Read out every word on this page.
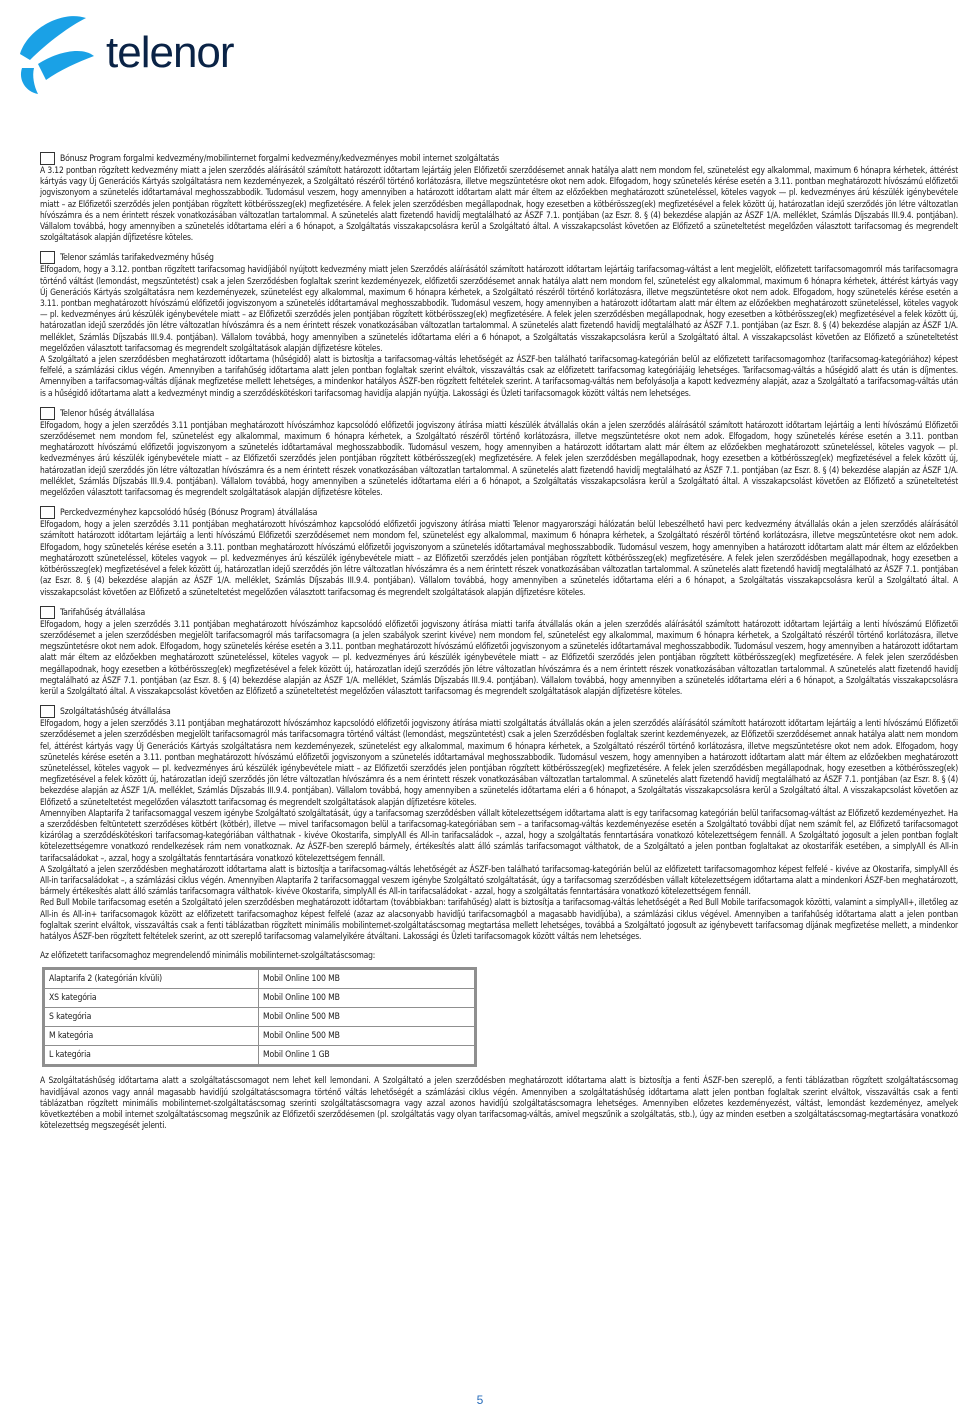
telenor
Bónusz Program forgalmi kedvezmény/mobilinternet forgalmi kedvezmény/kedvezményes mobil internet szolgáltatás

A 3.12 pontban rögzített kedvezmény miatt a jelen szerződés aláírásától számított határozott időtartam lejártáig jelen Előfizetői szerződésemet annak hatálya alatt nem mondom fel, szünetelést egy alkalommal, maximum 6 hónapra kérhetek, áttérést kártyás vagy Új Generációs Kártyás szolgáltatásra nem kezdeményezek, a Szolgáltató részéről történő korlátozásra, illetve megszüntetésre okot nem adok. Elfogadom, hogy szünetelés kérése esetén a 3.11. pontban meghatározott hívószámú előfizetői jogviszonyom a szünetelés időtartamával meghosszabbodik. Tudomásul veszem, hogy amennyiben a határozott időtartam alatt már éltem az előzőekben meghatározott szüneteléssel, köteles vagyok — pl. kedvezményes árú készülék igénybevétele miatt – az Előfizetői szerződés jelen pontjában rögzített kötbérösszeg(ek) megfizetésére. A felek jelen szerződésben megállapodnak, hogy ezesetben a kötbérösszeg(ek) megfizetésével a felek között új, határozatlan idejű szerződés jön létre változatlan hívószámra és a nem érintett részek vonatkozásában változatlan tartalommal. A szünetelés alatt fizetendő havidíj megtalálható az ÁSZF 7.1. pontjában (az Eszr. 8. § (4) bekezdése alapján az ÁSZF 1/A. melléklet, Számlás Díjszabás III.9.4. pontjában). Vállalom továbbá, hogy amennyiben a szünetelés időtartama eléri a 6 hónapot, a Szolgáltatás visszakapcsolásra kerül a Szolgáltató által. A visszakapcsolást követően az Előfizető a szüneteltetést megelőzően választott tarifacsomag és megrendelt szolgáltatások alapján díjfizetésre köteles.

Telenor számlás tarifakedvezmény hűség

Elfogadom, hogy a 3.12. pontban rögzített tarifacsomag havidíjából nyújtott kedvezmény miatt jelen Szerződés aláírásától számított határozott időtartam lejártáig tarifacsomag-váltást a lent megjelölt, előfizetett tarifacsomagomról más tarifacsomagra történő váltást (lemondást, megszüntetést) csak a jelen Szerződésben foglaltak szerint kezdeményezek, előfizetői szerződésemet annak hatálya alatt nem mondom fel, szünetelést egy alkalommal, maximum 6 hónapra kérhetek, áttérést kártyás vagy Új Generációs Kártyás szolgáltatásra nem kezdeményezek, szünetelést egy alkalommal, maximum 6 hónapra kérhetek, a Szolgáltató részéről történő korlátozásra, illetve megszüntetésre okot nem adok. Elfogadom, hogy szünetelés kérése esetén a 3.11. pontban meghatározott hívószámú előfizetői jogviszonyom a szünetelés időtartamával meghosszabbodik. Tudomásul veszem, hogy amennyiben a határozott időtartam alatt már éltem az előzőekben meghatározott szüneteléssel, köteles vagyok — pl. kedvezményes árú készülék igénybevétele miatt – az Előfizetői szerződés jelen pontjában rögzített kötbérösszeg(ek) megfizetésére. A felek jelen szerződésben megállapodnak, hogy ezesetben a kötbérösszeg(ek) megfizetésével a felek között új, határozatlan idejű szerződés jön létre változatlan hívószámra és a nem érintett részek vonatkozásában változatlan tartalommal. A szünetelés alatt fizetendő havidíj megtalálható az ÁSZF 7.1. pontjában (az Eszr. 8. § (4) bekezdése alapján az ÁSZF 1/A. melléklet, Számlás Díjszabás III.9.4. pontjában). Vállalom továbbá, hogy amennyiben a szünetelés időtartama eléri a 6 hónapot, a Szolgáltatás visszakapcsolásra kerül a Szolgáltató által. A visszakapcsolást követően az Előfizető a szüneteltetést megelőzően választott tarifacsomag és megrendelt szolgáltatások alapján díjfizetésre köteles.

A Szolgáltató a jelen szerződésben meghatározott időtartama (hűségidő) alatt is biztosítja a tarifacsomag-váltás lehetőségét az ÁSZF-ben található tarifacsomag-kategórián belül az előfizetett tarifacsomagomhoz (tarifacsomag-kategóriához) képest felfelé, a számlázási ciklus végén. Amennyiben a tarifahűség időtartama alatt jelen pontban foglaltak szerint elváltok, visszaváltás csak az előfizetett tarifacsomag kategóriájáig lehetséges. Tarifacsomag-váltás a hűségidő alatt és után is díjmentes. Amennyiben a tarifacsomag-váltás díjának megfizetése mellett lehetséges, a mindenkor hatályos ÁSZF-ben rögzített feltételek szerint. A tarifacsomag-váltás nem befolyásolja a kapott kedvezmény alapját, azaz a Szolgáltató a tarifacsomag-váltás után is a hűségidő időtartama alatt a kedvezményt mindig a szerződéskötéskori tarifacsomag havidíja alapján nyújtja. Lakossági és Üzleti tarifacsomagok között váltás nem lehetséges.

Telenor hűség átvállalása

Elfogadom, hogy a jelen szerződés 3.11 pontjában meghatározott hívószámhoz kapcsolódó előfizetői jogviszony átírása miatti készülék átvállalás okán a jelen szerződés aláírásától számított határozott időtartam lejártáig a lenti hívószámú Előfizetői szerződésemet nem mondom fel, szünetelést egy alkalommal, maximum 6 hónapra kérhetek, a Szolgáltató részéről történő korlátozásra, illetve megszüntetésre okot nem adok. Elfogadom, hogy szünetelés kérése esetén a 3.11. pontban meghatározott hívószámú előfizetői jogviszonyom a szünetelés időtartamával meghosszabbodik. Tudomásul veszem, hogy amennyiben a határozott időtartam alatt már éltem az előzőekben meghatározott szüneteléssel, köteles vagyok — pl. kedvezményes árú készülék igénybevétele miatt – az Előfizetői szerződés jelen pontjában rögzített kötbérösszeg(ek) megfizetésére. A felek jelen szerződésben megállapodnak, hogy ezesetben a kötbérösszeg(ek) megfizetésével a felek között új, határozatlan idejű szerződés jön létre változatlan hívószámra és a nem érintett részek vonatkozásában változatlan tartalommal. A szünetelés alatt fizetendő havidíj megtalálható az ÁSZF 7.1. pontjában (az Eszr. 8. § (4) bekezdése alapján az ÁSZF 1/A. melléklet, Számlás Díjszabás III.9.4. pontjában). Vállalom továbbá, hogy amennyiben a szünetelés időtartama eléri a 6 hónapot, a Szolgáltatás visszakapcsolásra kerül a Szolgáltató által. A visszakapcsolást követően az Előfizető a szüneteltetést megelőzően választott tarifacsomag és megrendelt szolgáltatások alapján díjfizetésre köteles.

Perckedvezményhez kapcsolódó hűség (Bónusz Program) átvállalása

Elfogadom, hogy a jelen szerződés 3.11 pontjában meghatározott hívószámhoz kapcsolódó előfizetői jogviszony átírása miatti Telenor magyarországi hálózatán belül lebeszélhető havi perc kedvezmény átvállalás okán a jelen szerződés aláírásától számított határozott időtartam lejártáig a lenti hívószámú Előfizetői szerződésemet nem mondom fel, szünetelést egy alkalommal, maximum 6 hónapra kérhetek, a Szolgáltató részéről történő korlátozásra, illetve megszüntetésre okot nem adok. Elfogadom, hogy szünetelés kérése esetén a 3.11. pontban meghatározott hívószámú előfizetői jogviszonyom a szünetelés időtartamával meghosszabbodik. Tudomásul veszem, hogy amennyiben a határozott időtartam alatt már éltem az előzőekben meghatározott szüneteléssel, köteles vagyok — pl. kedvezményes árú készülék igénybevétele miatt – az Előfizetői szerződés jelen pontjában rögzített kötbérösszeg(ek) megfizetésére. A felek jelen szerződésben megállapodnak, hogy ezesetben a kötbérösszeg(ek) megfizetésével a felek között új, határozatlan idejű szerződés jön létre változatlan hívószámra és a nem érintett részek vonatkozásában változatlan tartalommal. A szünetelés alatt fizetendő havidíj megtalálható az ÁSZF 7.1. pontjában (az Eszr. 8. § (4) bekezdése alapján az ÁSZF 1/A. melléklet, Számlás Díjszabás III.9.4. pontjában). Vállalom továbbá, hogy amennyiben a szünetelés időtartama eléri a 6 hónapot, a Szolgáltatás visszakapcsolásra kerül a Szolgáltató által. A visszakapcsolást követően az Előfizető a szüneteltetést megelőzően választott tarifacsomag és megrendelt szolgáltatások alapján díjfizetésre köteles.

Tarifahűség átvállalása

Elfogadom, hogy a jelen szerződés 3.11 pontjában meghatározott hívószámhoz kapcsolódó előfizetői jogviszony átírása miatti tarifa átvállalás okán a jelen szerződés aláírásától számított határozott időtartam lejártáig a lenti hívószámú Előfizetői szerződésemet a jelen szerződésben megjelölt tarifacsomagról más tarifacsomagra (a jelen szabályok szerint kivéve) nem mondom fel, szünetelést egy alkalommal, maximum 6 hónapra kérhetek, a Szolgáltató részéről történő korlátozásra, illetve megszüntetésre okot nem adok. Elfogadom, hogy szünetelés kérése esetén a 3.11. pontban meghatározott hívószámú előfizetői jogviszonyom a szünetelés időtartamával meghosszabbodik. Tudomásul veszem, hogy amennyiben a határozott időtartam alatt már éltem az előzőekben meghatározott szüneteléssel, köteles vagyok — pl. kedvezményes árú készülék igénybevétele miatt – az Előfizetői szerződés jelen pontjában rögzített kötbérösszeg(ek) megfizetésére. A felek jelen szerződésben megállapodnak, hogy ezesetben a kötbérösszeg(ek) megfizetésével a felek között új, határozatlan idejű szerződés jön létre változatlan hívószámra és a nem érintett részek vonatkozásában változatlan tartalommal. A szünetelés alatt fizetendő havidíj megtalálható az ÁSZF 7.1. pontjában (az Eszr. 8. § (4) bekezdése alapján az ÁSZF 1/A. melléklet, Számlás Díjszabás III.9.4. pontjában). Vállalom továbbá, hogy amennyiben a szünetelés időtartama eléri a 6 hónapot, a Szolgáltatás visszakapcsolásra kerül a Szolgáltató által. A visszakapcsolást követően az Előfizető a szüneteltetést megelőzően választott tarifacsomag és megrendelt szolgáltatások alapján díjfizetésre köteles.

Szolgáltatáshűség átvállalása

Elfogadom, hogy a jelen szerződés 3.11 pontjában meghatározott hívószámhoz kapcsolódó előfizetői jogviszony átírása miatti szolgáltatás átvállalás okán a jelen szerződés aláírásától számított határozott időtartam lejártáig a lenti hívószámú Előfizetői szerződésemet a jelen szerződésben megjelölt tarifacsomagról más tarifacsomagra történő váltást (lemondást, megszüntetést) csak a jelen Szerződésben foglaltak szerint kezdeményezek, az Előfizetői szerződésemet annak hatálya alatt nem mondom fel, áttérést kártyás vagy Új Generációs Kártyás szolgáltatásra nem kezdeményezek, szünetelést egy alkalommal, maximum 6 hónapra kérhetek, a Szolgáltató részéről történő korlátozásra, illetve megszüntetésre okot nem adok. Elfogadom, hogy szünetelés kérése esetén a 3.11. pontban meghatározott hívószámú előfizetői jogviszonyom a szünetelés időtartamával meghosszabbodik. Tudomásul veszem, hogy amennyiben a határozott időtartam alatt már éltem az előzőekben meghatározott szüneteléssel, köteles vagyok — pl. kedvezményes árú készülék igénybevétele miatt – az Előfizetői szerződés jelen pontjában rögzített kötbérösszeg(ek) megfizetésére. A felek jelen szerződésben megállapodnak, hogy ezesetben a kötbérösszeg(ek) megfizetésével a felek között új, határozatlan idejű szerződés jön létre változatlan hívószámra és a nem érintett részek vonatkozásában változatlan tartalommal. A szünetelés alatt fizetendő havidíj megtalálható az ÁSZF 7.1. pontjában (az Eszr. 8. § (4) bekezdése alapján az ÁSZF 1/A. melléklet, Számlás Díjszabás III.9.4. pontjában). Vállalom továbbá, hogy amennyiben a szünetelés időtartama eléri a 6 hónapot, a Szolgáltatás visszakapcsolásra kerül a Szolgáltató által. A visszakapcsolást követően az Előfizető a szüneteltetést megelőzően választott tarifacsomag és megrendelt szolgáltatások alapján díjfizetésre köteles.

Amennyiben Alaptarifa 2 tarifacsomaggal veszem igénybe Szolgáltató szolgáltatását, úgy a tarifacsomag szerződésben vállalt kötelezettségem időtartama alatt is egy tarifacsomag kategórián belül tarifacsomag-váltást az Előfizető kezdeményezhet. Ha a szerződésben feltüntetett szerződéses kötbért (kötbér), illetve — mivel tarifacsomagon belül a tarifacsomag-kategóriában sem – a tarifacsomag-váltás kezdeményezése esetén a Szolgáltató további díjat nem számít fel, az Előfizető tarifacsomagot kizárólag a szerződéskötéskori tarifacsomag-kategóriában válthatnak - kivéve Okostarifa, simplyAll és All-in tarifacsaládok –, azzal, hogy a szolgáltatás fenntartására vonatkozó kötelezettségem fennáll. A Szolgáltató jogosult a jelen pontban foglalt kötelezettségemre vonatkozó rendelkezések rám nem vonatkoznak. Az ÁSZF-ben szereplő bármely, értékesítés alatt álló számlás tarifacsomagot válthatok, de a Szolgáltató a jelen pontban foglaltakat az okostarifák esetében, a simplyAll és All-in tarifacsaládokat –, azzal, hogy a szolgáltatás fenntartására vonatkozó kötelezettségem fennáll.

A Szolgáltató a jelen szerződésben meghatározott időtartama alatt is biztosítja a tarifacsomag-váltás lehetőségét az ÁSZF-ben található tarifacsomag-kategórián belül az előfizetett tarifacsomagomhoz képest felfelé - kivéve az Okostarifa, simplyAll és All-in tarifacsaládokat –, a számlázási ciklus végén. Amennyiben Alaptarifa 2 tarifacsomaggal veszem igénybe Szolgáltató szolgáltatását, úgy a tarifacsomag szerződésben vállalt kötelezettségem időtartama alatt a mindenkori ÁSZF-ben meghatározott, bármely értékesítés alatt álló számlás tarifacsomagra válthatok- kivéve Okostarifa, simplyAll és All-in tarifacsaládokat - azzal, hogy a szolgáltatás fenntartására vonatkozó kötelezettségem fennáll.

Red Bull Mobile tarifacsomag esetén a Szolgáltató jelen szerződésben meghatározott időtartam (továbbiakban: tarifahűség) alatt is biztosítja a tarifacsomag-váltás lehetőségét a Red Bull Mobile tarifacsomagok közötti, valamint a simplyAll+, illetőleg az All-in és All-in+ tarifacsomagok között az előfizetett tarifacsomaghoz képest felfelé (azaz az alacsonyabb havidíjú tarifacsomagból a magasabb havidíjúba), a számlázási ciklus végével. Amennyiben a tarifahűség időtartama alatt a jelen pontban foglaltak szerint elváltok, visszaváltás csak a fenti táblázatban rögzített minimális mobilinternet-szolgáltatáscsomag megtartása mellett lehetséges, továbbá a Szolgáltató jogosult az igénybevett tarifacsomag díjának megfizetése mellett, a mindenkor hatályos ÁSZF-ben rögzített feltételek szerint, az ott szereplő tarifacsomag valamelyikére átváltani. Lakossági és Üzleti tarifacsomagok között váltás nem lehetséges.

Az előfizetett tarifacsomaghoz megrendelendő minimális mobilinternet-szolgáltatáscsomag:

Alaptarifa 2 (kategórián kívüli)	Mobil Online 100 MB
XS kategória	Mobil Online 100 MB
S kategória	Mobil Online 500 MB
M kategória	Mobil Online 500 MB
L kategória	Mobil Online 1 GB

A Szolgáltatáshűség időtartama alatt a szolgáltatáscsomagot nem lehet kell lemondani. A Szolgáltató a jelen szerződésben meghatározott időtartama alatt is biztosítja a fenti ÁSZF-ben szereplő, a fenti táblázatban rögzített szolgáltatáscsomag havidíjával azonos vagy annál magasabb havidíjú szolgáltatáscsomagra történő váltás lehetőségét a számlázási ciklus végén. Amennyiben a szolgáltatáshűség időtartama alatt jelen pontban foglaltak szerint elváltok, visszaváltás csak a fenti táblázatban rögzített minimális mobilinternet-szolgáltatáscsomag szerinti szolgáltatáscsomagra vagy azzal azonos havidíjú szolgáltatáscsomagra lehetséges. Amennyiben előzetes kezdeményezést, váltást, lemondást kezdeményez, amelyek következtében a mobil internet szolgáltatáscsomag megszűnik az Előfizetői szerződésemen (pl. szolgáltatás vagy olyan tarifacsomag-váltás, amivel megszűnik a szolgáltatás, stb.), úgy az minden esetben a szolgáltatáscsomag-megtartására vonatkozó kötelezettség megszegését jelenti.

5
